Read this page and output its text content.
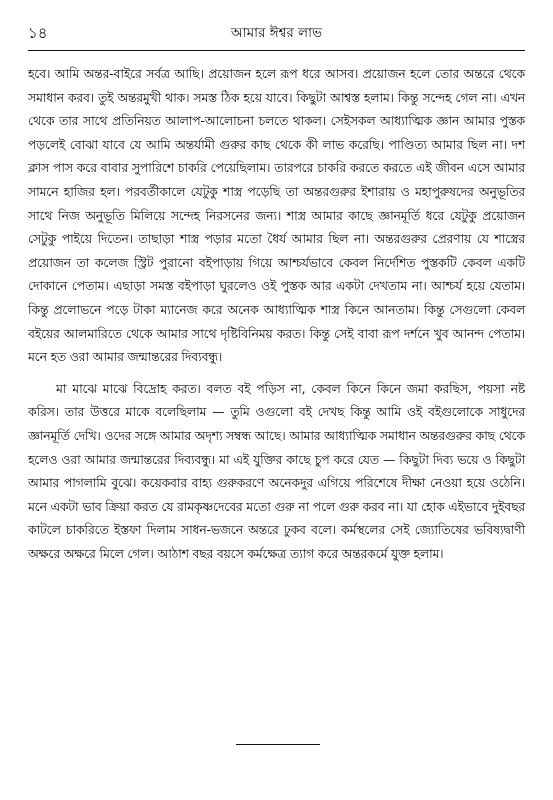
১৪	আমার ঈশ্বর লাভ

হবে। আমি অন্তর-বাইরে সর্বত্র আছি। প্রয়োজন হলে রূপ ধরে আসব। প্রয়োজন হলে তোর অন্তরে থেকে সমাধান করব। তুই অন্তরমুখী থাক। সমস্ত ঠিক হয়ে যাবে। কিছুটা আশ্বস্ত হলাম। কিন্তু সন্দেহ গেল না। এখন থেকে তার সাথে প্রতিনিয়ত আলাপ-আলোচনা চলতে থাকল। সেইসকল আধ্যাত্মিক জ্ঞান আমার পুস্তক পড়লেই বোঝা যাবে যে আমি অন্তর্যামী গুরুর কাছ থেকে কী লাভ করেছি। পাণ্ডিত্য আমার ছিল না। দশ ক্লাস পাস করে বাবার সুপারিশে চাকরি পেয়েছিলাম। তারপরে চাকরি করতে করতে এই জীবন এসে আমার সামনে হাজির হল। পরবর্তীকালে যেটুকু শাস্ত্র পড়েছি তা অন্তরগুরুর ইশারায় ও মহাপুরুষদের অনুভূতির সাথে নিজ অনুভূতি মিলিয়ে সন্দেহ নিরসনের জন্য। শাস্ত্র আমার কাছে জ্ঞানমূর্তি ধরে যেটুকু প্রয়োজন সেটুকু পাইয়ে দিতেন। তাছাড়া শাস্ত্র পড়ার মতো ধৈর্য আমার ছিল না। অন্তরগুরুর প্রেরণায় যে শাস্ত্রের প্রয়োজন তা কলেজ স্ট্রিট পুরানো বইপাড়ায় গিয়ে আশ্চর্যভাবে কেবল নির্দেশিত পুস্তকটি কেবল একটি দোকানে পেতাম। এছাড়া সমস্ত বইপাড়া ঘুরলেও ওই পুস্তক আর একটা দেখতাম না। আশ্চর্য হয়ে যেতাম। কিন্তু প্রলোভনে পড়ে টাকা ম্যানেজ করে অনেক আধ্যাত্মিক শাস্ত্র কিনে আনতাম। কিন্তু সেগুলো কেবল বইয়ের আলমারিতে থেকে আমার সাথে দৃষ্টিবিনিময় করত। কিন্তু সেই বাবা রূপ দর্শনে খুব আনন্দ পেতাম। মনে হত ওরা আমার জন্মান্তরের দিব্যবন্ধু।

মা মাঝে মাঝে বিদ্রোহ করত। বলত বই পড়িস না, কেবল কিনে কিনে জমা করছিস, পয়সা নষ্ট করিস। তার উত্তরে মাকে বলেছিলাম — তুমি ওগুলো বই দেখছ কিন্তু আমি ওই বইগুলোকে সাধুদের জ্ঞানমূর্তি দেখি। ওদের সঙ্গে আমার অদৃশ্য সম্বন্ধ আছে। আমার আধ্যাত্মিক সমাধান অন্তরগুরুর কাছ থেকে হলেও ওরা আমার জন্মান্তরের দিব্যবন্ধু। মা এই যুক্তির কাছে চুপ করে যেত — কিছুটা দিব্য ভয়ে ও কিছুটা আমার পাগলামি বুঝে। কয়েকবার বাহ্য গুরুকরণে অনেকদুর এগিয়ে পরিশেষে দীক্ষা নেওয়া হয়ে ওঠেনি। মনে একটা ভাব ক্রিয়া করত যে রামকৃষ্ণদেবের মতো গুরু না পলে গুরু করব না। যা হোক এইভাবে দুইবছর কাটলে চাকরিতে ইস্তফা দিলাম সাধন-ভজনে অন্তরে ঢুকব বলে। কর্মস্থলের সেই জ্যোতিষের ভবিষ্যদ্বাণী অক্ষরে অক্ষরে মিলে গেল। আঠাশ বছর বয়সে কর্মক্ষেত্র ত্যাগ করে অন্তরকর্মে যুক্ত হলাম।
